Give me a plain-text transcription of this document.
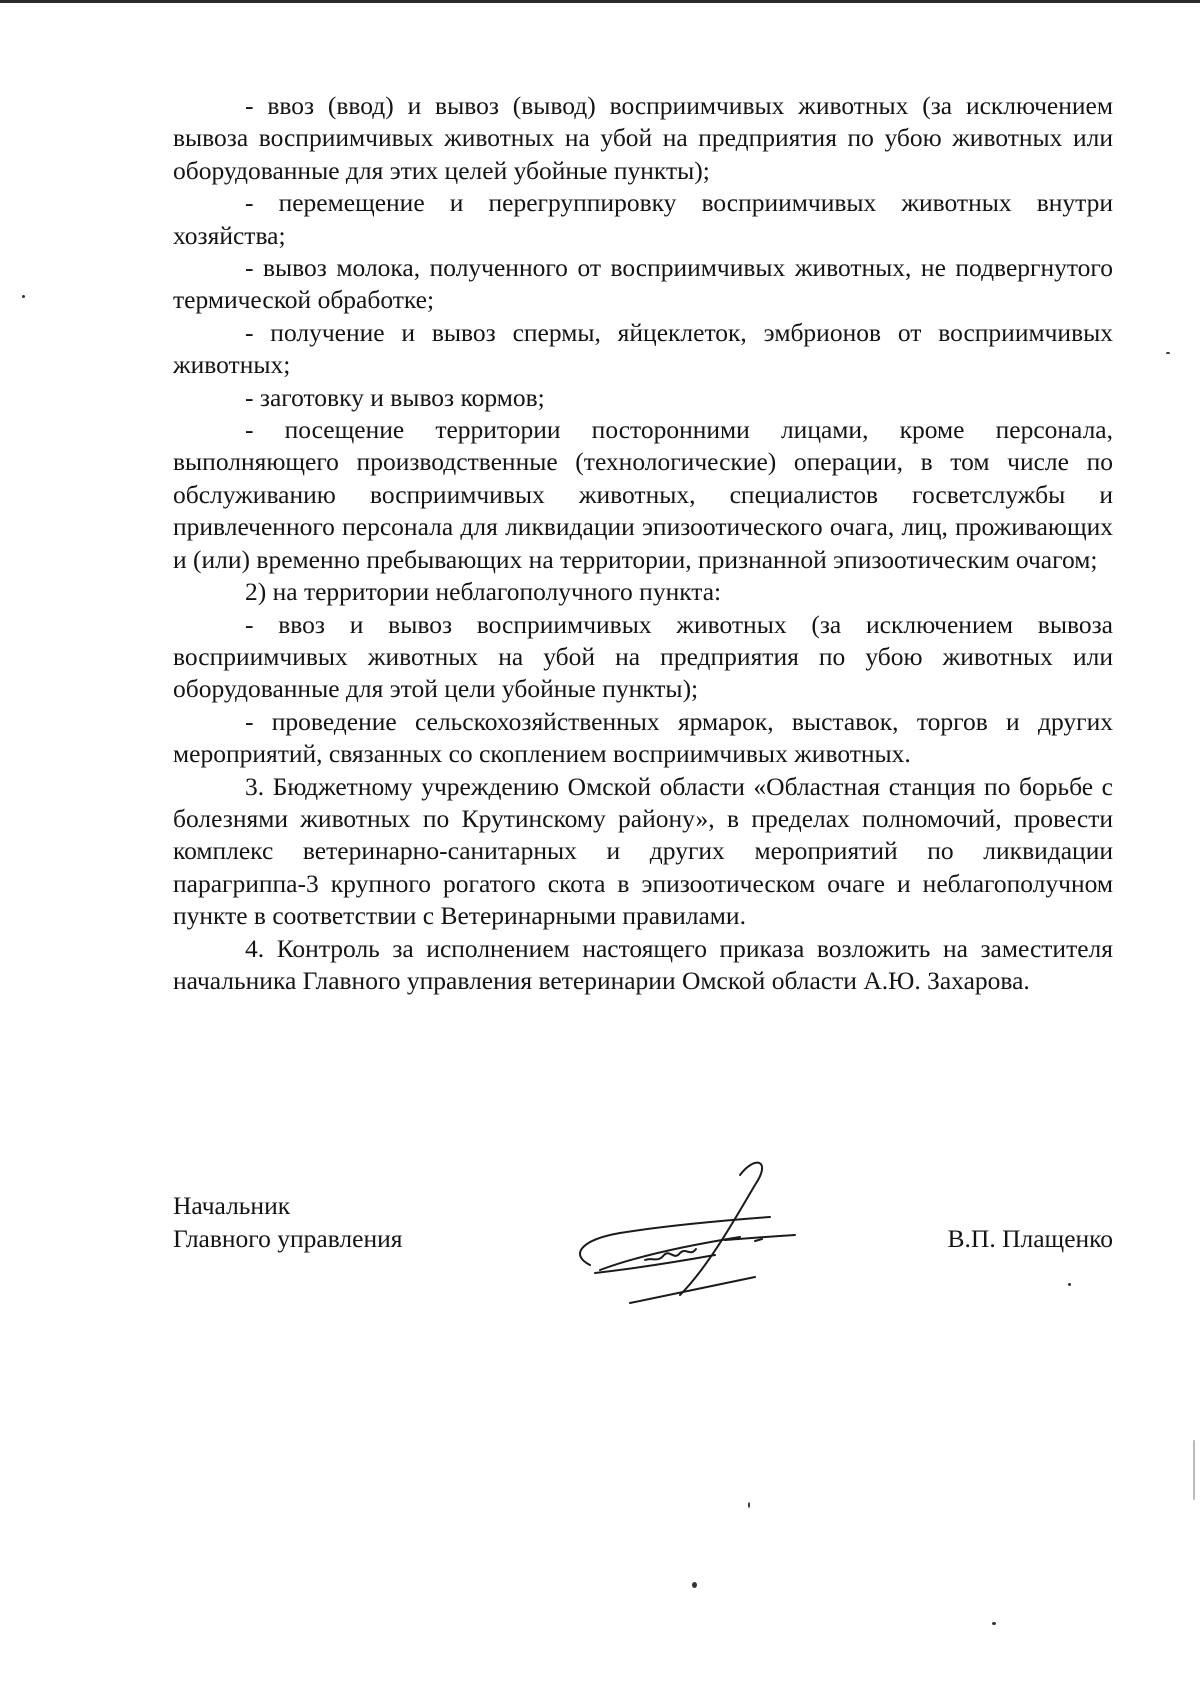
- ввоз (ввод) и вывоз (вывод) восприимчивых животных (за исключением вывоза восприимчивых животных на убой на предприятия по убою животных или оборудованные для этих целей убойные пункты);

- перемещение и перегруппировку восприимчивых животных внутри хозяйства;

- вывоз молока, полученного от восприимчивых животных, не подвергнутого термической обработке;

- получение и вывоз спермы, яйцеклеток, эмбрионов от восприимчивых животных;

- заготовку и вывоз кормов;

- посещение территории посторонними лицами, кроме персонала, выполняющего производственные (технологические) операции, в том числе по обслуживанию восприимчивых животных, специалистов госветслужбы и привлеченного персонала для ликвидации эпизоотического очага, лиц, проживающих и (или) временно пребывающих на территории, признанной эпизоотическим очагом;

2) на территории неблагополучного пункта:

- ввоз и вывоз восприимчивых животных (за исключением вывоза восприимчивых животных на убой на предприятия по убою животных или оборудованные для этой цели убойные пункты);

- проведение сельскохозяйственных ярмарок, выставок, торгов и других мероприятий, связанных со скоплением восприимчивых животных.

3. Бюджетному учреждению Омской области «Областная станция по борьбе с болезнями животных по Крутинскому району», в пределах полномочий, провести комплекс ветеринарно-санитарных и других мероприятий по ликвидации парагриппа-3 крупного рогатого скота в эпизоотическом очаге и неблагополучном пункте в соответствии с Ветеринарными правилами.

4. Контроль за исполнением настоящего приказа возложить на заместителя начальника Главного управления ветеринарии Омской области А.Ю. Захарова.

Начальник
Главного управления	В.П. Плащенко
